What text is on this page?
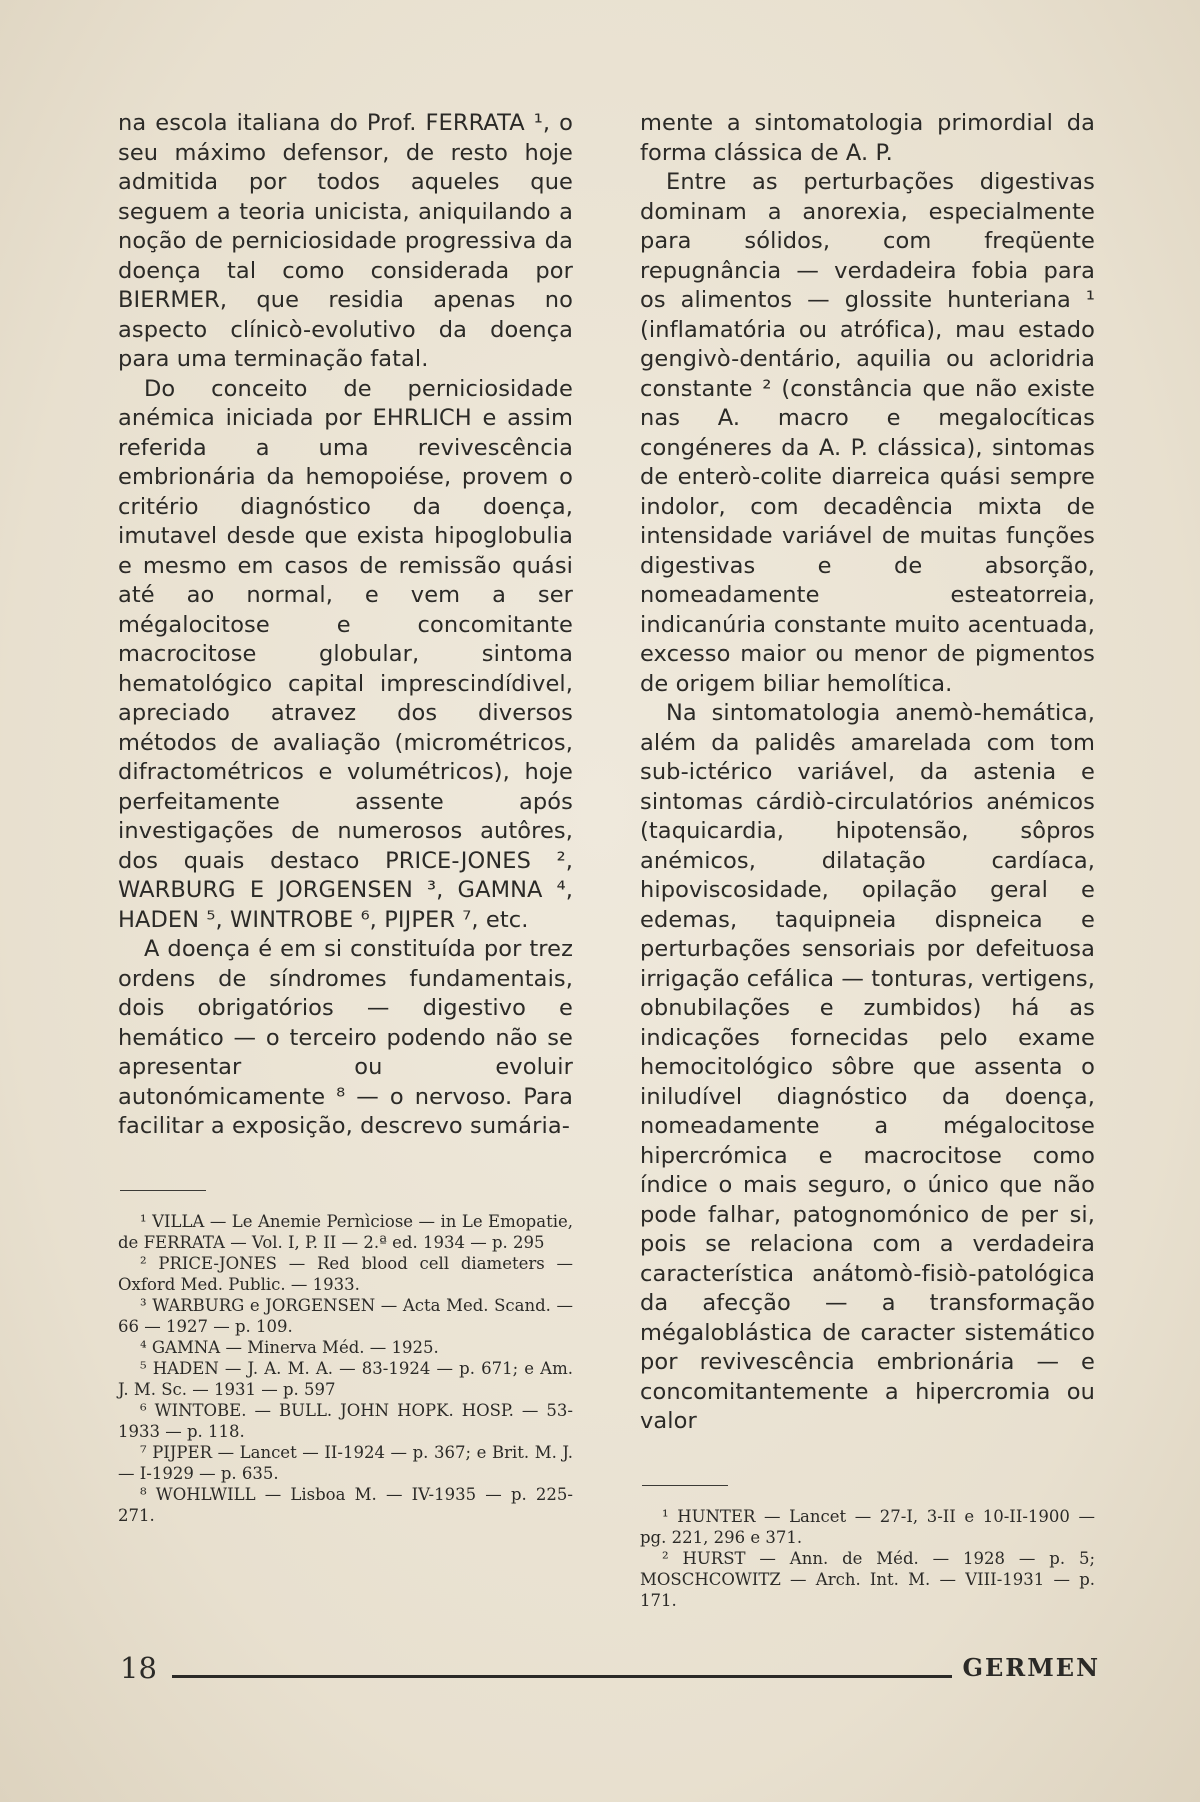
na escola italiana do Prof. FERRATA ¹, o seu máximo defensor, de resto hoje admitida por todos aqueles que seguem a teoria unicista, aniquilando a noção de perniciosidade progressiva da doença tal como considerada por BIERMER, que residia apenas no aspecto clínicò-evolutivo da doença para uma terminação fatal.

Do conceito de perniciosidade anémica iniciada por EHRLICH e assim referida a uma revivescência embrionária da hemopoiése, provem o critério diagnóstico da doença, imutavel desde que exista hipoglobulia e mesmo em casos de remissão quási até ao normal, e vem a ser mégalocitose e concomitante macrocitose globular, sintoma hematológico capital imprescindídivel, apreciado atravez dos diversos métodos de avaliação (micrométricos, difractométricos e volumétricos), hoje perfeitamente assente após investigações de numerosos autôres, dos quais destaco PRICE-JONES ², WARBURG E JORGENSEN ³, GAMNA ⁴, HADEN ⁵, WINTROBE ⁶, PIJPER ⁷, etc.

A doença é em si constituída por trez ordens de síndromes fundamentais, dois obrigatórios — digestivo e hemático — o terceiro podendo não se apresentar ou evoluir autonómicamente ⁸ — o nervoso. Para facilitar a exposição, descrevo sumária-

¹ VILLA — Le Anemie Pernìciose — in Le Emopatie, de FERRATA — Vol. I, P. II — 2.ª ed. 1934 — p. 295

² PRICE-JONES — Red blood cell diameters — Oxford Med. Public. — 1933.

³ WARBURG e JORGENSEN — Acta Med. Scand. — 66 — 1927 — p. 109.

⁴ GAMNA — Minerva Méd. — 1925.

⁵ HADEN — J. A. M. A. — 83-1924 — p. 671; e Am. J. M. Sc. — 1931 — p. 597

⁶ WINTOBE. — BULL. JOHN HOPK. HOSP. — 53-1933 — p. 118.

⁷ PIJPER — Lancet — II-1924 — p. 367; e Brit. M. J. — I-1929 — p. 635.

⁸ WOHLWILL — Lisboa M. — IV-1935 — p. 225-271.

mente a sintomatologia primordial da forma clássica de A. P.

Entre as perturbações digestivas dominam a anorexia, especialmente para sólidos, com freqüente repugnância — verdadeira fobia para os alimentos — glossite hunteriana ¹ (inflamatória ou atrófica), mau estado gengivò-dentário, aquilia ou acloridria constante ² (constância que não existe nas A. macro e megalocíticas congéneres da A. P. clássica), sintomas de enterò-colite diarreica quási sempre indolor, com decadência mixta de intensidade variável de muitas funções digestivas e de absorção, nomeadamente esteatorreia, indicanúria constante muito acentuada, excesso maior ou menor de pigmentos de origem biliar hemolítica.

Na sintomatologia anemò-hemática, além da palidês amarelada com tom sub-ictérico variável, da astenia e sintomas cárdiò-circulatórios anémicos (taquicardia, hipotensão, sôpros anémicos, dilatação cardíaca, hipoviscosidade, opilação geral e edemas, taquipneia dispneica e perturbações sensoriais por defeituosa irrigação cefálica — tonturas, vertigens, obnubilações e zumbidos) há as indicações fornecidas pelo exame hemocitológico sôbre que assenta o iniludível diagnóstico da doença, nomeadamente a mégalocitose hipercrómica e macrocitose como índice o mais seguro, o único que não pode falhar, patognomónico de per si, pois se relaciona com a verdadeira característica anátomò-fisiò-patológica da afecção — a transformação mégaloblástica de caracter sistemático por revivescência embrionária — e concomitantemente a hipercromia ou valor

¹ HUNTER — Lancet — 27-I, 3-II e 10-II-1900 — pg. 221, 296 e 371.

² HURST — Ann. de Méd. — 1928 — p. 5; MOSCHCOWITZ — Arch. Int. M. — VIII-1931 — p. 171.

18	GERMEN
